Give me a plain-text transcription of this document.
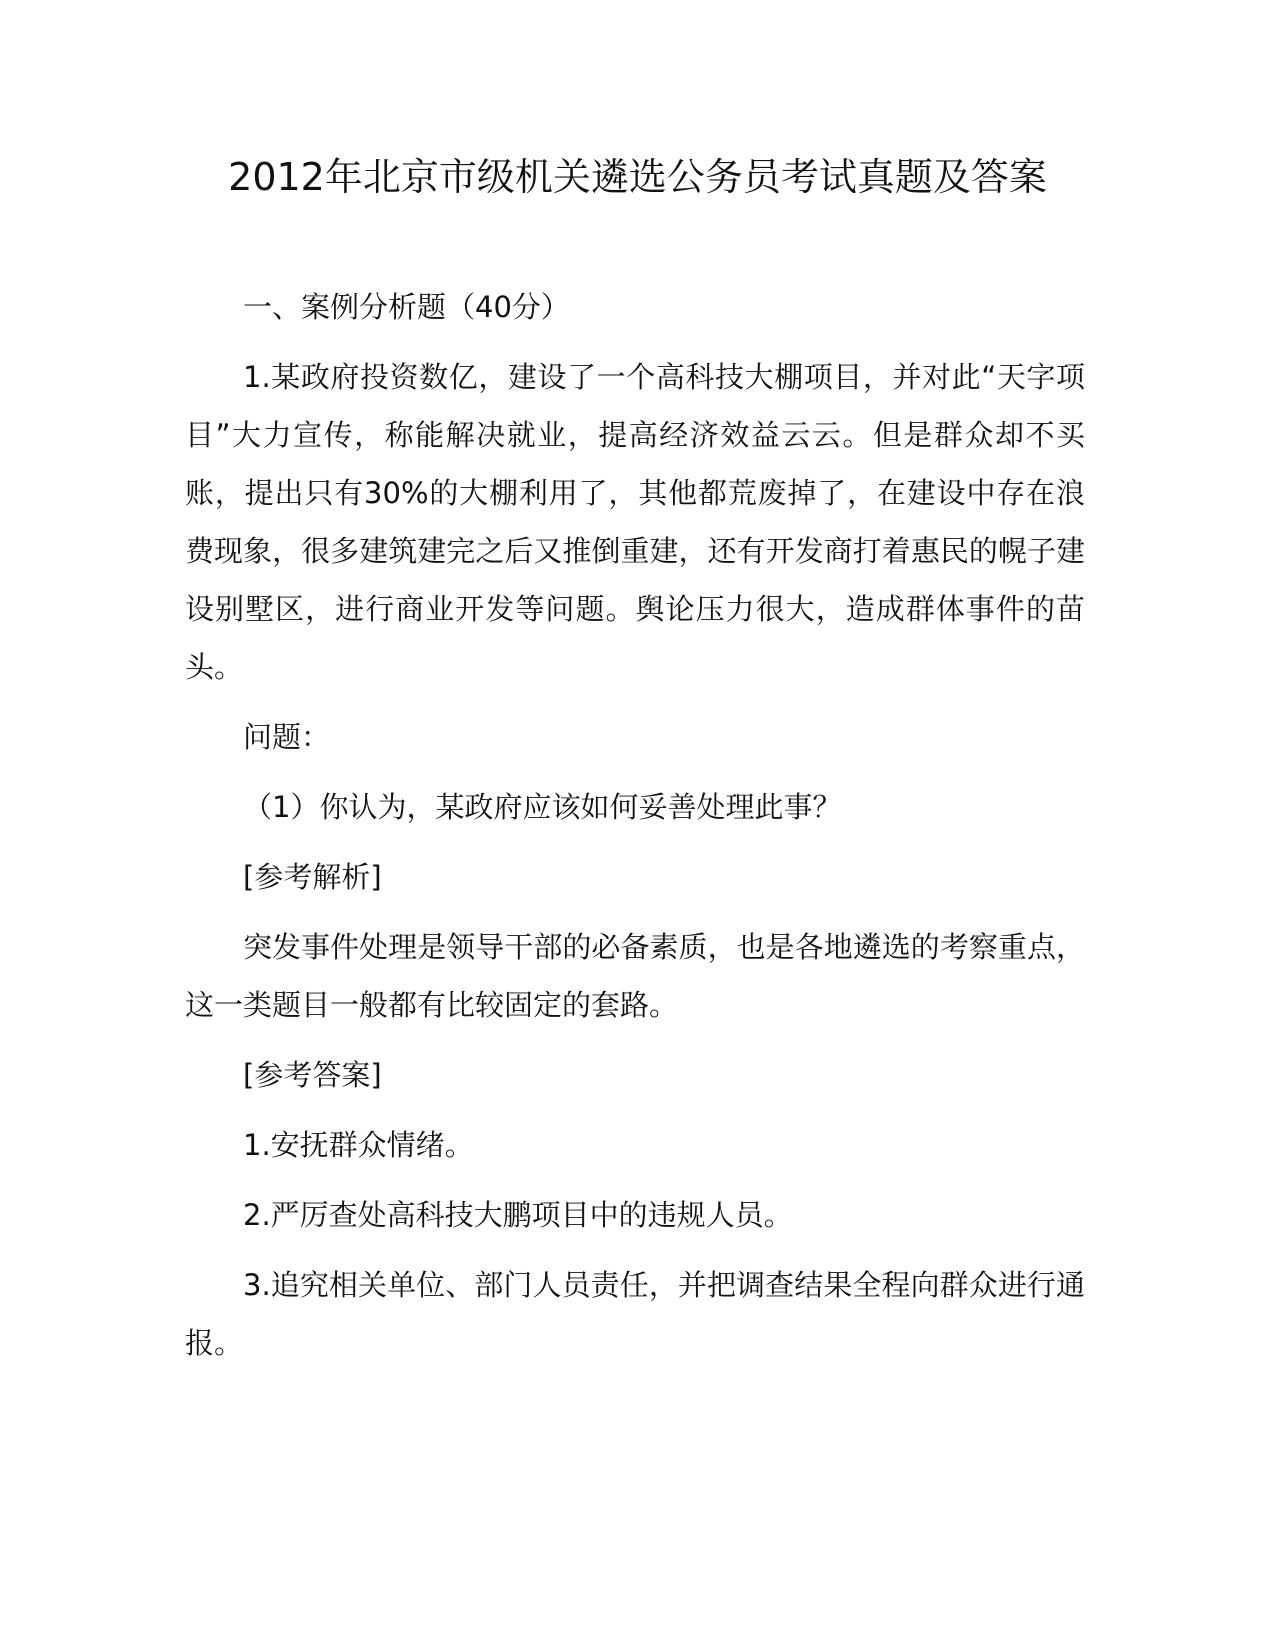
2012年北京市级机关遴选公务员考试真题及答案

一、案例分析题（40分）

1.某政府投资数亿，建设了一个高科技大棚项目，并对此“天字项目”大力宣传，称能解决就业，提高经济效益云云。但是群众却不买账，提出只有30%的大棚利用了，其他都荒废掉了，在建设中存在浪费现象，很多建筑建完之后又推倒重建，还有开发商打着惠民的幌子建设别墅区，进行商业开发等问题。舆论压力很大，造成群体事件的苗头。

问题：

（1）你认为，某政府应该如何妥善处理此事？

[参考解析]

突发事件处理是领导干部的必备素质，也是各地遴选的考察重点，这一类题目一般都有比较固定的套路。

[参考答案]

1.安抚群众情绪。

2.严厉查处高科技大鹏项目中的违规人员。

3.追究相关单位、部门人员责任，并把调查结果全程向群众进行通报。
